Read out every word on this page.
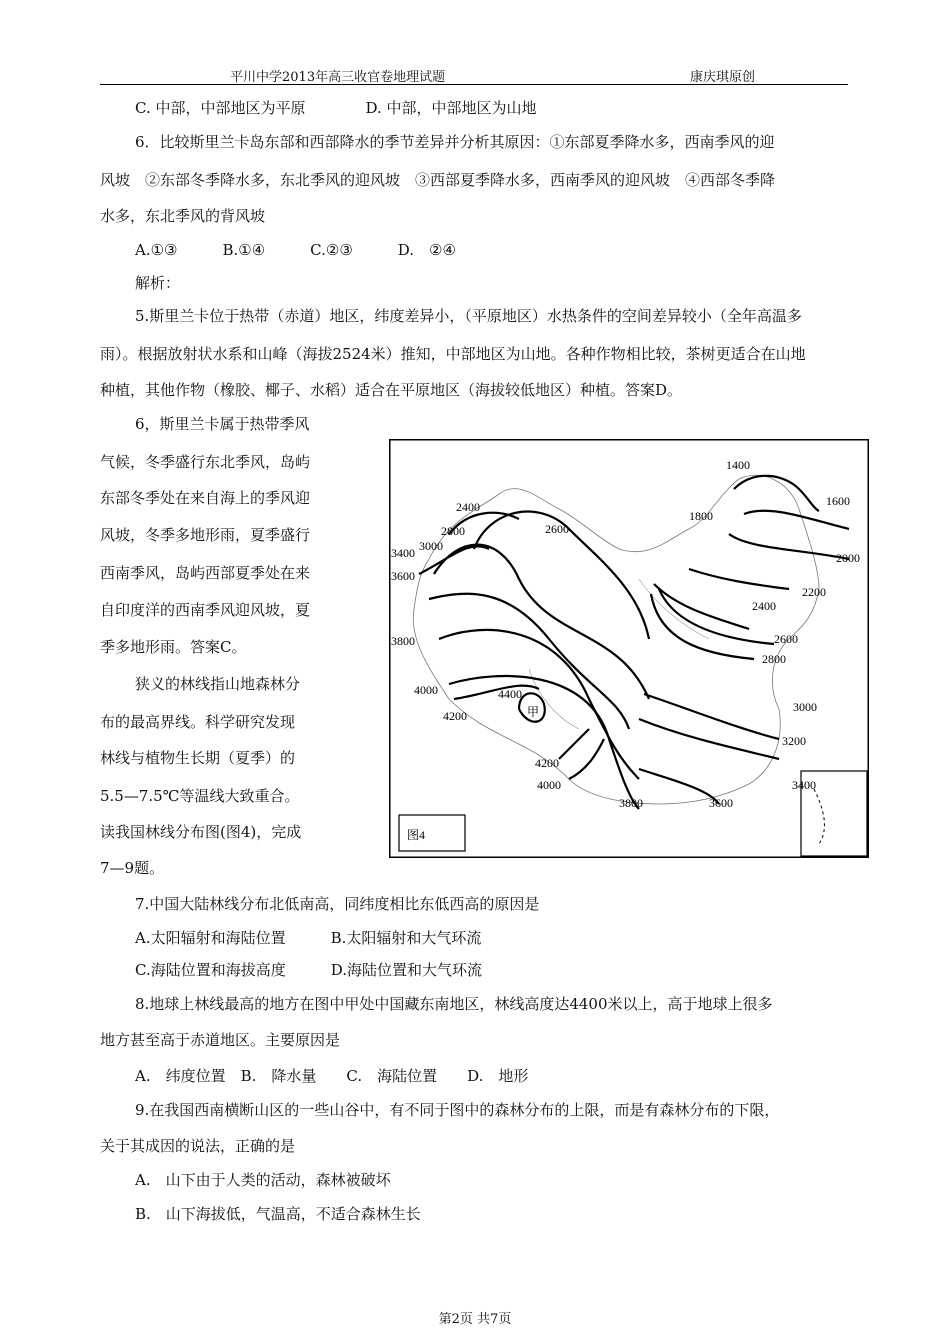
平川中学2013年高三收官卷地理试题	康庆琪原创
C. 中部，中部地区为平原　　　　D. 中部，中部地区为山地
6．比较斯里兰卡岛东部和西部降水的季节差异并分析其原因：①东部夏季降水多，西南季风的迎
风坡　②东部冬季降水多，东北季风的迎风坡　③西部夏季降水多，西南季风的迎风坡　④西部冬季降
水多，东北季风的背风坡
A.①③　　　B.①④　　　C.②③　　　D.　②④
解析：
5.斯里兰卡位于热带（赤道）地区，纬度差异小，（平原地区）水热条件的空间差异较小（全年高温多
雨）。根据放射状水系和山峰（海拔2524米）推知，中部地区为山地。各种作物相比较，茶树更适合在山地
种植，其他作物（橡胶、椰子、水稻）适合在平原地区（海拔较低地区）种植。答案D。
6，斯里兰卡属于热带季风
气候，冬季盛行东北季风，岛屿
东部冬季处在来自海上的季风迎
风坡，冬季多地形雨，夏季盛行
西南季风，岛屿西部夏季处在来
自印度洋的西南季风迎风坡，夏
季多地形雨。答案C。
狭义的林线指山地森林分
布的最高界线。科学研究发现
林线与植物生长期（夏季）的
5.5—7.5℃等温线大致重合。
读我国林线分布图(图4)，完成
7—9题。
1400
1600
1800
2000
2200
2400
2600
2800
3000
3200
3400
2400
2800	2600
3000
3400
3600
3800
4000	4400
4200
4200
4000
3800	3600
甲
图4
7.中国大陆林线分布北低南高，同纬度相比东低西高的原因是
A.太阳辐射和海陆位置　　　B.太阳辐射和大气环流
C.海陆位置和海拔高度　　　D.海陆位置和大气环流
8.地球上林线最高的地方在图中甲处中国藏东南地区，林线高度达4400米以上，高于地球上很多
地方甚至高于赤道地区。主要原因是
A.　纬度位置　B.　降水量　　C.　海陆位置　　D.　地形
9.在我国西南横断山区的一些山谷中，有不同于图中的森林分布的上限，而是有森林分布的下限，
关于其成因的说法，正确的是
A.　山下由于人类的活动，森林被破坏
B.　山下海拔低，气温高，不适合森林生长
第2页 共7页
